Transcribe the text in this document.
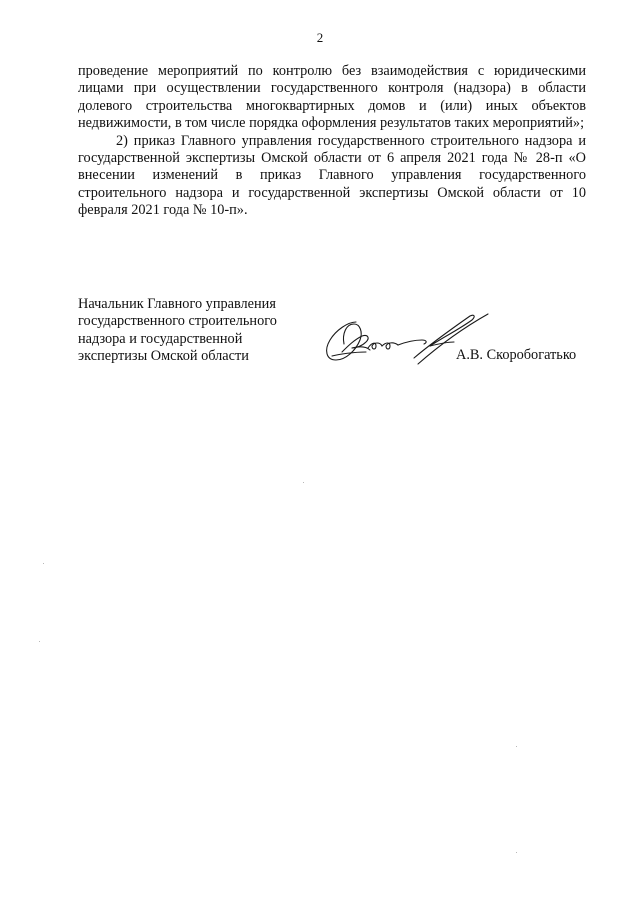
2

проведение мероприятий по контролю без взаимодействия с юридическими лицами при осуществлении государственного контроля (надзора) в области долевого строительства многоквартирных домов и (или) иных объектов недвижимости, в том числе порядка оформления результатов таких мероприятий»;

2) приказ Главного управления государственного строительного надзора и государственной экспертизы Омской области от 6 апреля 2021 года № 28-п «О внесении изменений в приказ Главного управления государственного строительного надзора и государственной экспертизы Омской области от 10 февраля 2021 года № 10-п».

Начальник Главного управления
государственного строительного
надзора и государственной
экспертизы Омской области	А.В. Скоробогатько
